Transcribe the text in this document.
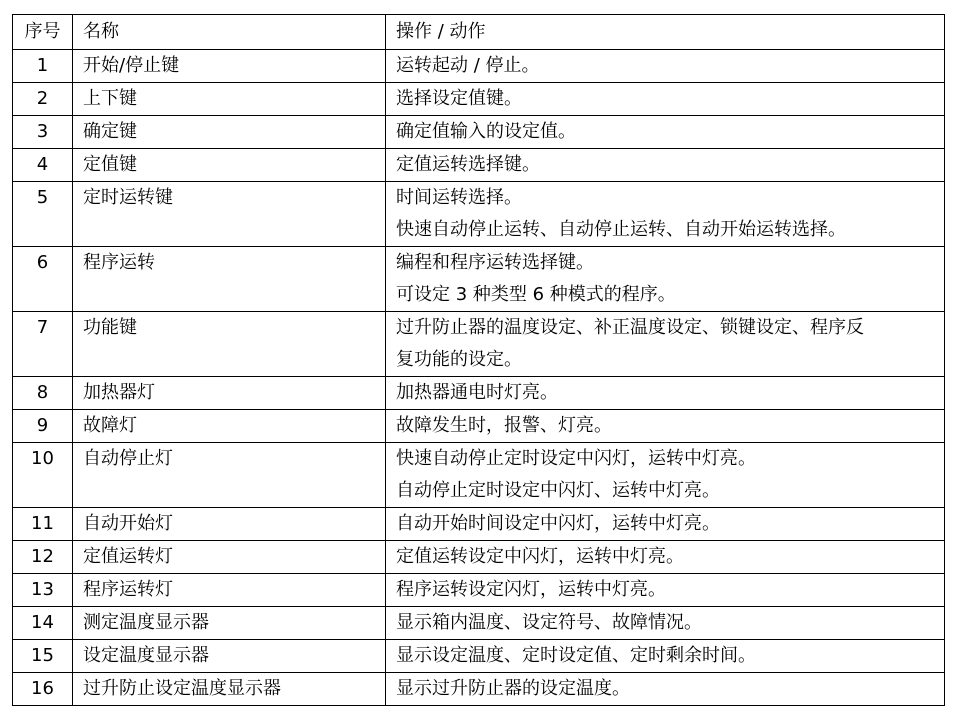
序号	名称	操作 / 动作

1	开始/停止键	运转起动 / 停止。

2	上下键	选择设定值键。

3	确定键	确定值输入的设定值。

4	定值键	定值运转选择键。

5	定时运转键	时间运转选择。
快速自动停止运转、自动停止运转、自动开始运转选择。

6	程序运转	编程和程序运转选择键。
可设定 3 种类型 6 种模式的程序。

7	功能键	过升防止器的温度设定、补正温度设定、锁键设定、程序反
复功能的设定。

8	加热器灯	加热器通电时灯亮。

9	故障灯	故障发生时，报警、灯亮。

10	自动停止灯	快速自动停止定时设定中闪灯，运转中灯亮。
自动停止定时设定中闪灯、运转中灯亮。

11	自动开始灯	自动开始时间设定中闪灯，运转中灯亮。

12	定值运转灯	定值运转设定中闪灯，运转中灯亮。

13	程序运转灯	程序运转设定闪灯，运转中灯亮。

14	测定温度显示器	显示箱内温度、设定符号、故障情况。

15	设定温度显示器	显示设定温度、定时设定值、定时剩余时间。

16	过升防止设定温度显示器	显示过升防止器的设定温度。
